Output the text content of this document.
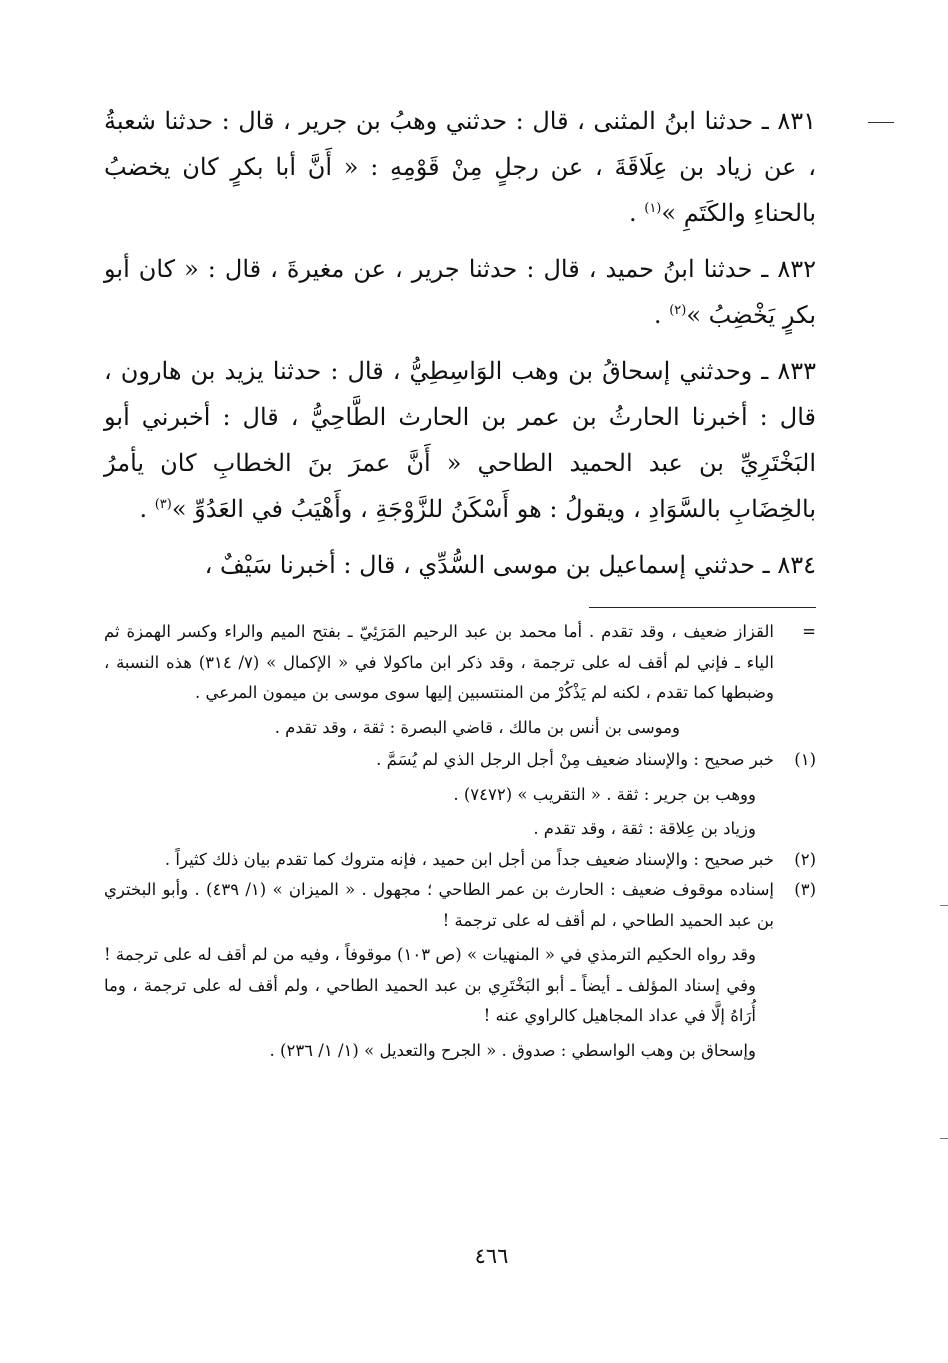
٨٣١ ـ حدثنا ابنُ المثنى ، قال : حدثني وهبُ بن جرير ، قال : حدثنا شعبةُ ، عن زياد بن عِلَاقَةَ ، عن رجلٍ مِنْ قَوْمِهِ : « أَنَّ أبا بكرٍ كان يخضبُ بالحناءِ والكَتَمِ »$^{(١)}$ .

٨٣٢ ـ حدثنا ابنُ حميد ، قال : حدثنا جرير ، عن مغيرةَ ، قال : « كان أبو بكرٍ يَخْضِبُ »$^{(٢)}$ .

٨٣٣ ـ وحدثني إسحاقُ بن وهب الوَاسِطِيُّ ، قال : حدثنا يزيد بن هارون ، قال : أخبرنا الحارثُ بن عمر بن الحارث الطَّاحِيُّ ، قال : أخبرني أبو البَخْتَرِيِّ بن عبد الحميد الطاحي « أَنَّ عمرَ بنَ الخطابِ كان يأمرُ بالخِضَابِ بالسَّوَادِ ، ويقولُ : هو أَسْكَنُ للزَّوْجَةِ ، وأَهْيَبُ في العَدُوِّ »$^{(٣)}$ .

٨٣٤ ـ حدثني إسماعيل بن موسى السُّدِّي ، قال : أخبرنا سَيْفٌ ،

=

القزاز ضعيف ، وقد تقدم . أما محمد بن عبد الرحيم المَرَئِيّ ـ بفتح الميم والراء وكسر الهمزة ثم الياء ـ فإني لم أقف له على ترجمة ، وقد ذكر ابن ماكولا في « الإكمال » (٧/ ٣١٤) هذه النسبة ، وضبطها كما تقدم ، لكنه لم يَذْكُرْ من المنتسبين إليها سوى موسى بن ميمون المرعي .

وموسى بن أنس بن مالك ، قاضي البصرة : ثقة ، وقد تقدم .

(١)

خبر صحيح : والإسناد ضعيف مِنْ أجل الرجل الذي لم يُسَمَّ .

ووهب بن جرير : ثقة . « التقريب » (٧٤٧٢) .

وزياد بن عِلاقة : ثقة ، وقد تقدم .

(٢)

خبر صحيح : والإسناد ضعيف جداً من أجل ابن حميد ، فإنه متروك كما تقدم بيان ذلك كثيراً .

(٣)

إسناده موقوف ضعيف : الحارث بن عمر الطاحي ؛ مجهول . « الميزان » (١/ ٤٣٩) . وأبو البختري بن عبد الحميد الطاحي ، لم أقف له على ترجمة !

وقد رواه الحكيم الترمذي في « المنهيات » (ص ١٠٣) موقوفاً ، وفيه من لم أقف له على ترجمة ! وفي إسناد المؤلف ـ أيضاً ـ أبو البَخْتَرِي بن عبد الحميد الطاحي ، ولم أقف له على ترجمة ، وما أُرَاهُ إلَّا في عداد المجاهيل كالراوي عنه !

وإسحاق بن وهب الواسطي : صدوق . « الجرح والتعديل » (١/ ١/ ٢٣٦) .

٤٦٦
